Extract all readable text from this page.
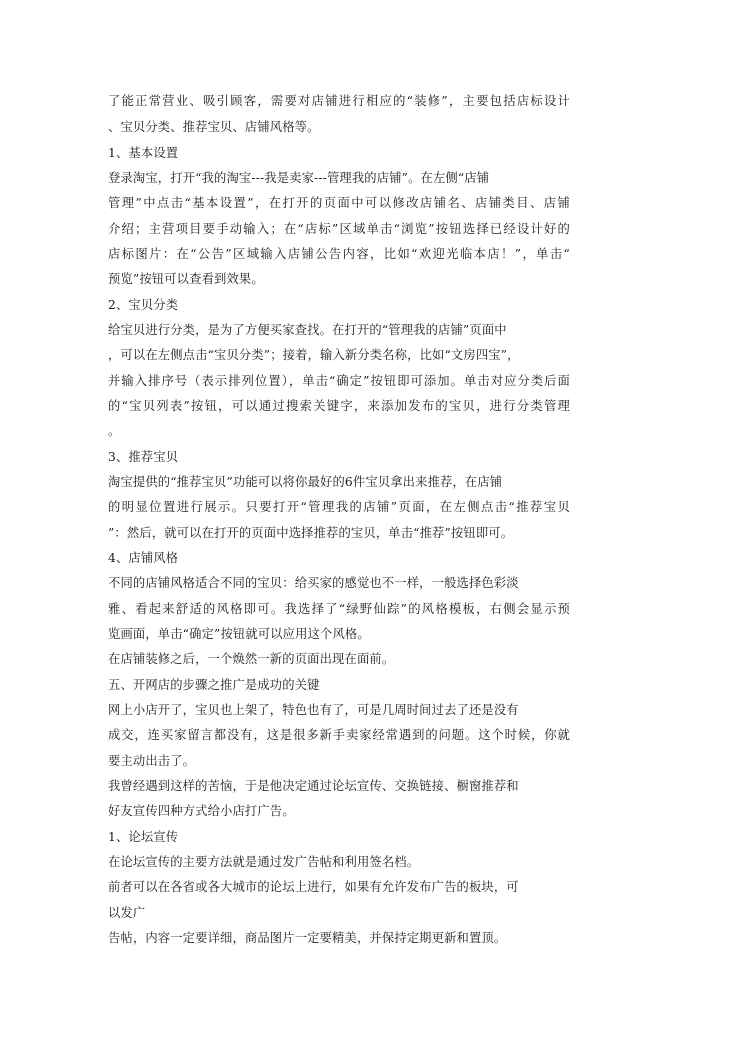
了能正常营业、吸引顾客，需要对店铺进行相应的“装修”，主要包括店标设计
、宝贝分类、推荐宝贝、店铺风格等。
1、基本设置
登录淘宝，打开“我的淘宝---我是卖家---管理我的店铺”。在左侧“店铺
管理”中点击“基本设置”，在打开的页面中可以修改店铺名、店铺类目、店铺
介绍；主营项目要手动输入；在“店标”区域单击“浏览”按钮选择已经设计好的
店标图片：在“公告”区域输入店铺公告内容，比如“欢迎光临本店！”，单击“
预览”按钮可以查看到效果。
2、宝贝分类
给宝贝进行分类，是为了方便买家查找。在打开的“管理我的店铺”页面中
，可以在左侧点击“宝贝分类”；接着，输入新分类名称，比如“文房四宝”，
并输入排序号（表示排列位置），单击“确定”按钮即可添加。单击对应分类后面
的“宝贝列表”按钮，可以通过搜索关键字，来添加发布的宝贝，进行分类管理
。
3、推荐宝贝
淘宝提供的“推荐宝贝”功能可以将你最好的6件宝贝拿出来推荐，在店铺
的明显位置进行展示。只要打开“管理我的店铺”页面，在左侧点击“推荐宝贝
”：然后，就可以在打开的页面中选择推荐的宝贝，单击“推荐”按钮即可。
4、店铺风格
不同的店铺风格适合不同的宝贝：给买家的感觉也不一样，一般选择色彩淡
雅、看起来舒适的风格即可。我选择了“绿野仙踪”的风格模板，右侧会显示预
览画面，单击“确定”按钮就可以应用这个风格。
在店铺装修之后，一个焕然一新的页面出现在面前。
五、开网店的步骤之推广是成功的关键
网上小店开了，宝贝也上架了，特色也有了，可是几周时间过去了还是没有
成交，连买家留言都没有，这是很多新手卖家经常遇到的问题。这个时候，你就
要主动出击了。
我曾经遇到这样的苦恼，于是他决定通过论坛宣传、交换链接、橱窗推荐和
好友宣传四种方式给小店打广告。
1、论坛宣传
在论坛宣传的主要方法就是通过发广告帖和利用签名档。
前者可以在各省或各大城市的论坛上进行，如果有允许发布广告的板块，可
以发广
告帖，内容一定要详细，商品图片一定要精美，并保持定期更新和置顶。
